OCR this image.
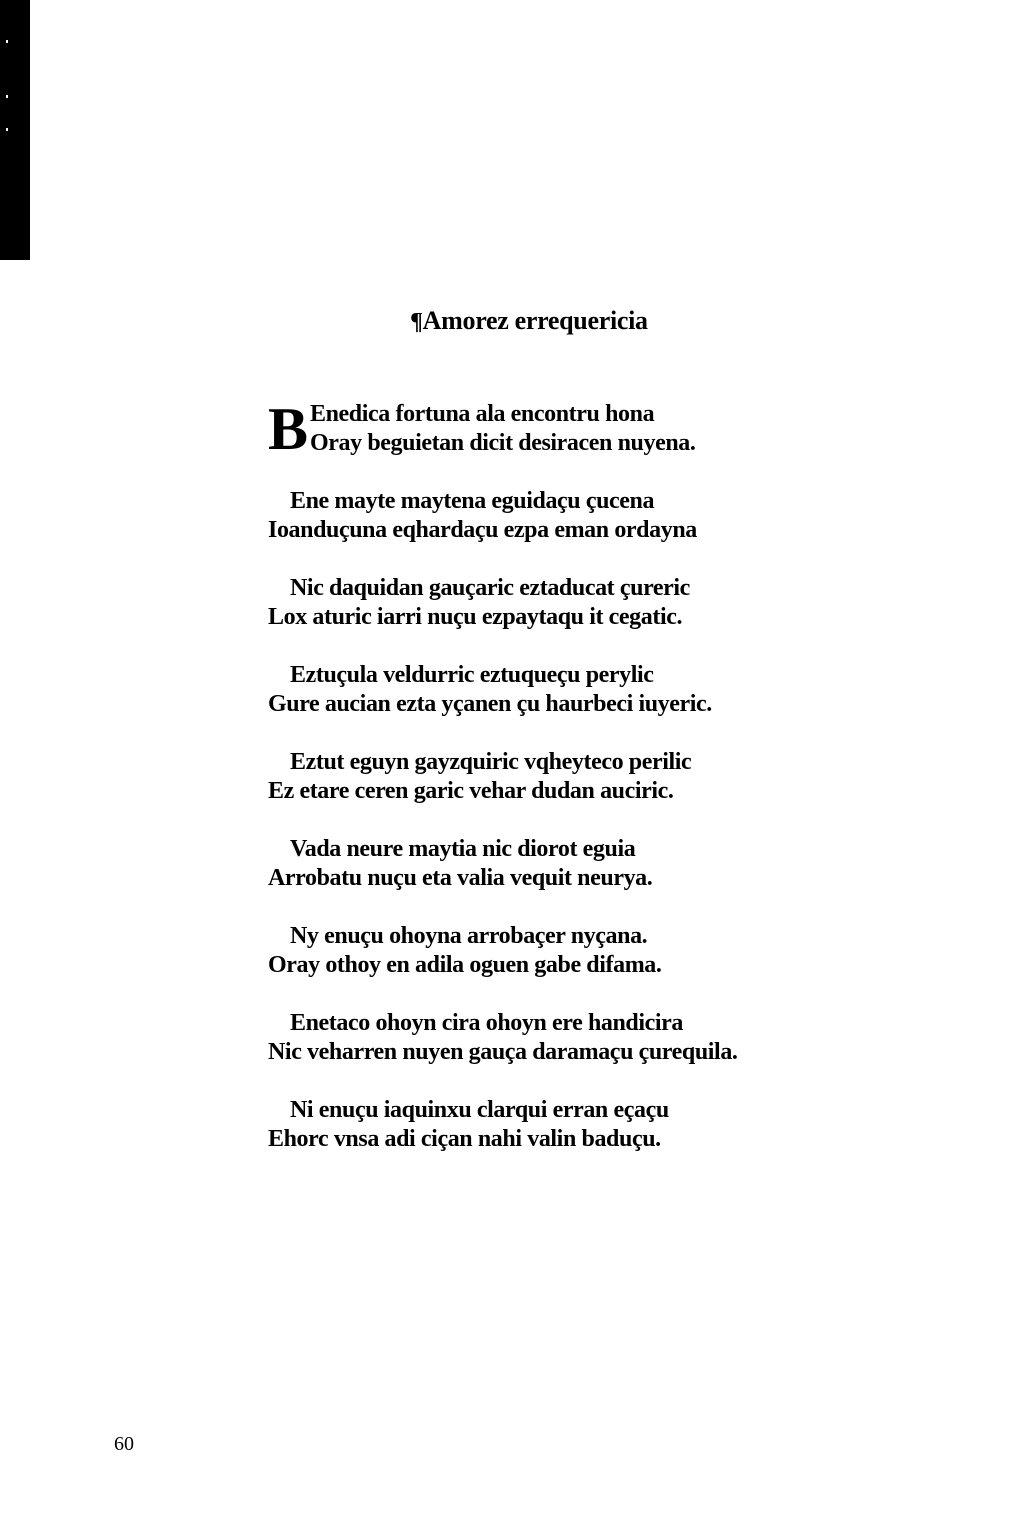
¶Amorez errequericia

B Enedica fortuna ala encontru hona
Oray beguietan dicit desiracen nuyena.

Ene mayte maytena eguidaçu çucena
Ioanduçuna eqhardaçu ezpa eman ordayna

Nic daquidan gauçaric eztaducat çureric
Lox aturic iarri nuçu ezpaytaqu it cegatic.

Eztuçula veldurric eztuqueçu perylic
Gure aucian ezta yçanen çu haurbeci iuyeric.

Eztut eguyn gayzquiric vqheyteco perilic
Ez etare ceren garic vehar dudan auciric.

Vada neure maytia nic diorot eguia
Arrobatu nuçu eta valia vequit neurya.

Ny enuçu ohoyna arrobaçer nyçana.
Oray othoy en adila oguen gabe difama.

Enetaco ohoyn cira ohoyn ere handicira
Nic veharren nuyen gauça daramaçu çurequila.

Ni enuçu iaquinxu clarqui erran eçaçu
Ehorc vnsa adi ciçan nahi valin baduçu.

60
